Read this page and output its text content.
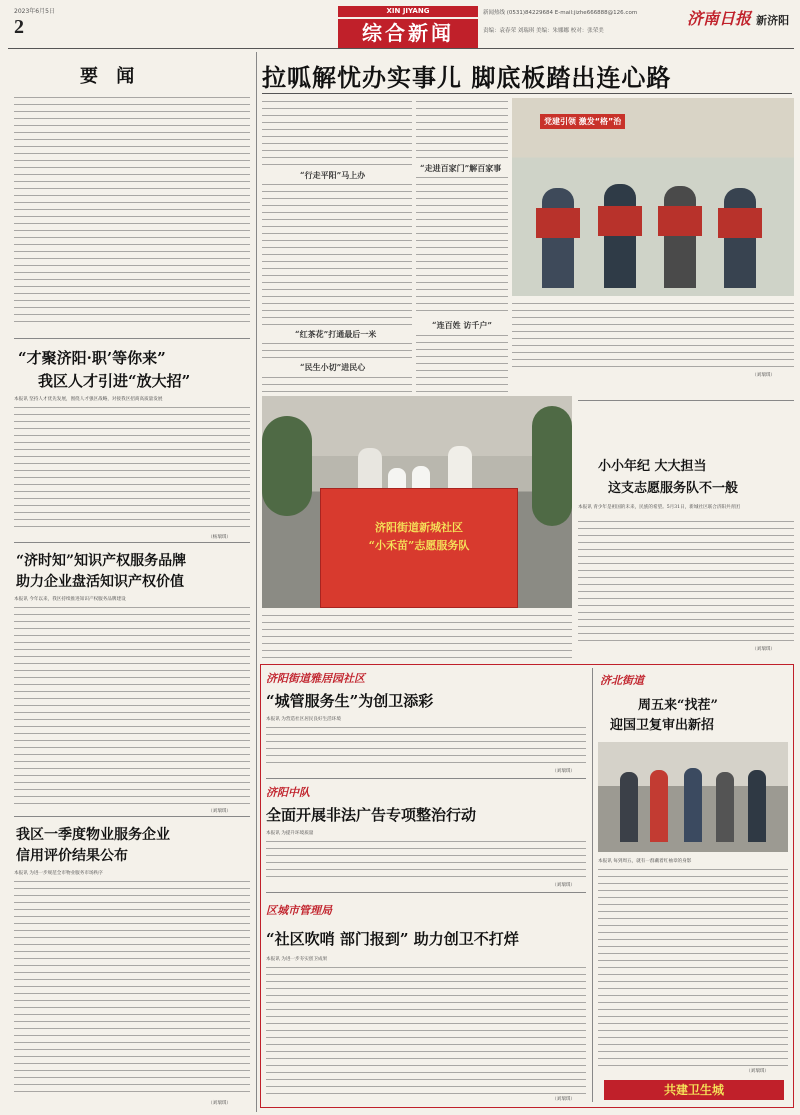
2023年6月5日
2
XIN JIYANG
综合新闻
新闻热线 (0531)84229684 E-mail:jizhe666888@126.com
责编：袁春荣 刘瑞琪 美编：朱娜娜 校对：张荣美
济南日报 新济阳
要 闻
“才聚济阳·职’等你来”
我区人才引进“放大招”
本报讯 坚持人才优先发展，围绕人才强区战略，对接我区招商高质量发展
（杨瑞琪）
“济时知”知识产权服务品牌
助力企业盘活知识产权价值
本报讯 今年以来，我区持续推进知识产权服务品牌建设
（刘瑞琪）
我区一季度物业服务企业
信用评价结果公布
本报讯 为进一步规范全市物业服务市场秩序
（刘瑞琪）
拉呱解忧办实事儿 脚底板踏出连心路
“行走平阳”马上办
“红茶花”打通最后一米
“民生小切”进民心
“走进百家门”解百家事
“连百姓 访千户”
党建引领 激发“格”治
（刘瑞琪）
济阳街道新城社区
“小禾苗”志愿服务队
小小年纪 大大担当
这支志愿服务队不一般
本报讯 青少年是祖国的未来，民族的希望。5月31日，新城社区联合济阳共青团
（刘瑞琪）
济阳街道雅居园社区
“城管服务生”为创卫添彩
本报讯 为营造社区居民良好生活环境
（刘瑞琪）
济阳中队
全面开展非法广告专项整治行动
本报讯 为提升环境质量
（刘瑞琪）
区城市管理局
“社区吹哨 部门报到” 助力创卫不打烊
本报讯 为进一步夯实创卫成果
（刘瑞琪）
济北街道
周五来“找茬”
迎国卫复审出新招
本报讯 每到周五，就有一群戴着红袖章的身影
（刘瑞琪）
共建卫生城
